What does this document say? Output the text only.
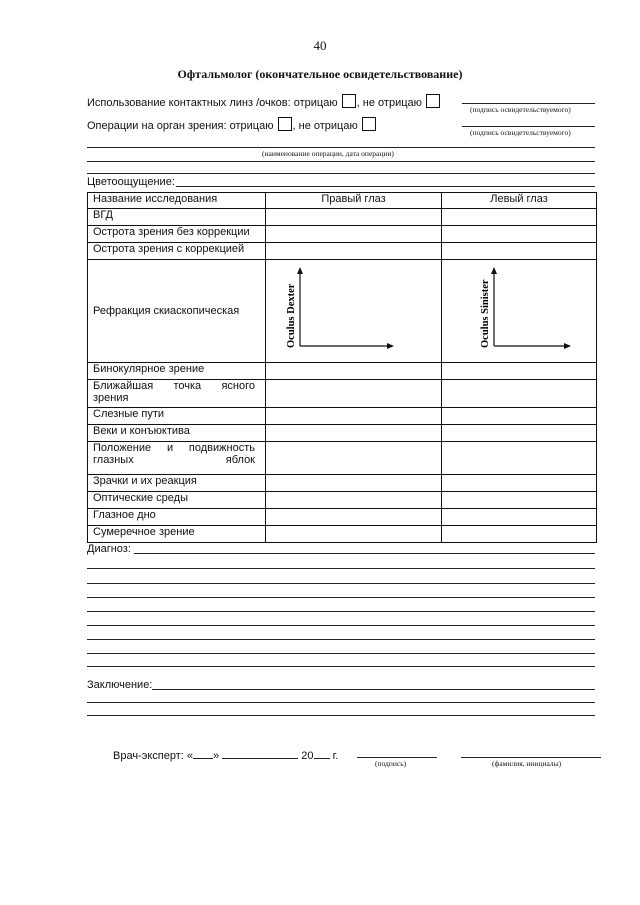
40
Офтальмолог (окончательное освидетельствование)
Использование контактных линз /очков: отрицаю , не отрицаю
(подпись освидетельствуемого)
Операции на орган зрения: отрицаю , не отрицаю
(подпись освидетельствуемого)
(наименование операции, дата операции)
Цветоощущение:
Название исследования	Правый глаз	Левый глаз
ВГД		
Острота зрения без коррекции		
Острота зрения с коррекцией		
Рефракция скиаскопическая	Oculus Dexter	Oculus Sinister

Бинокулярное зрение		
Ближайшая точка ясного зрения		
Слезные пути		
Веки и конъюктива		
Положение и подвижность глазных яблок		
Зрачки и их реакция		
Оптические среды		
Глазное дно		
Сумеречное зрение		
Диагноз:
Заключение:
Врач-эксперт: « »	20 г.
(подпись)	(фамилия, инициалы)
